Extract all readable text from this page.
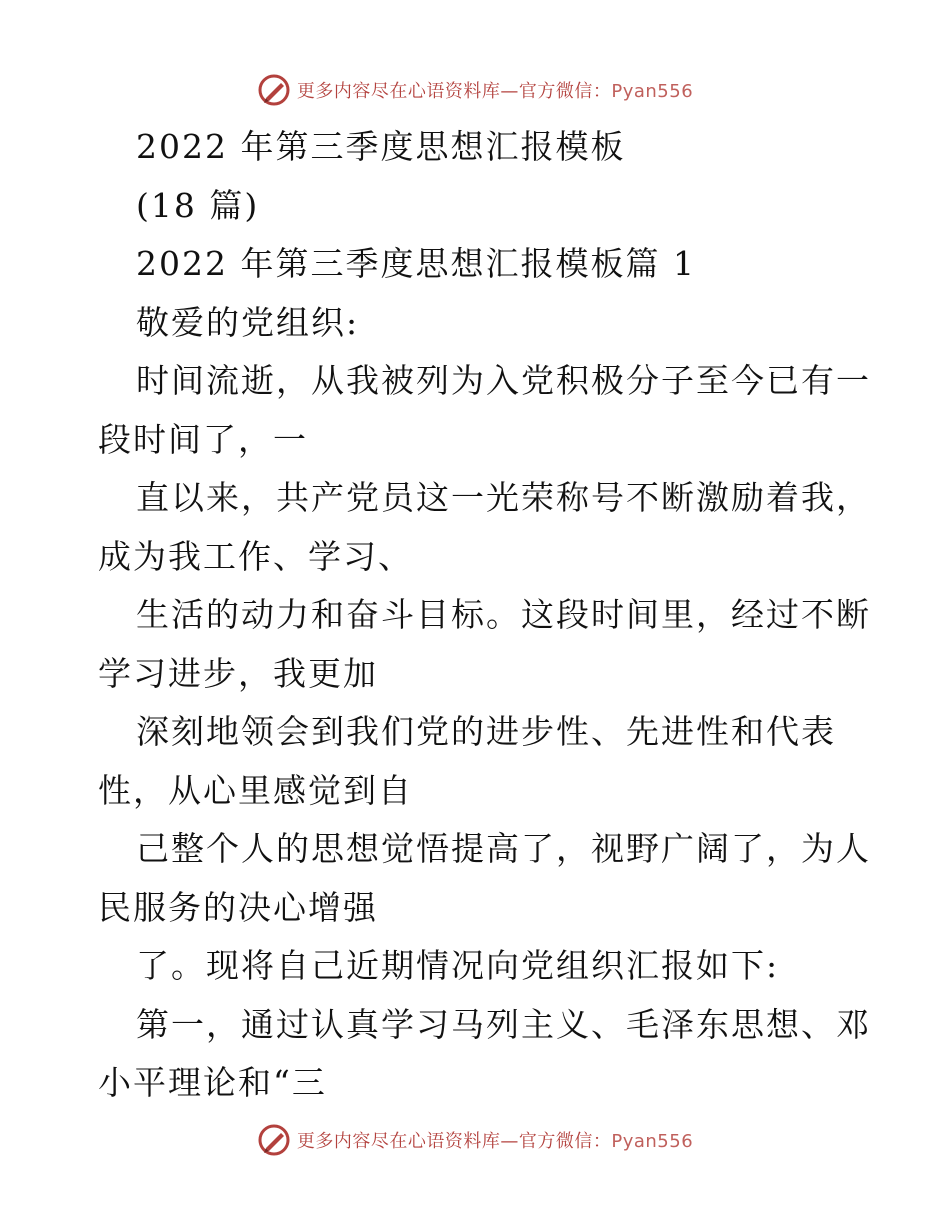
更多内容尽在心语资料库—官方微信：Pyan556
2022 年第三季度思想汇报模板
(18 篇)
2022 年第三季度思想汇报模板篇 1
敬爱的党组织:
时间流逝，从我被列为入党积极分子至今已有一
段时间了，一
直以来，共产党员这一光荣称号不断激励着我，
成为我工作、学习、
生活的动力和奋斗目标。这段时间里，经过不断
学习进步，我更加
深刻地领会到我们党的进步性、先进性和代表
性，从心里感觉到自
己整个人的思想觉悟提高了，视野广阔了，为人
民服务的决心增强
了。现将自己近期情况向党组织汇报如下:
第一，通过认真学习马列主义、毛泽东思想、邓
小平理论和“三
更多内容尽在心语资料库—官方微信：Pyan556
